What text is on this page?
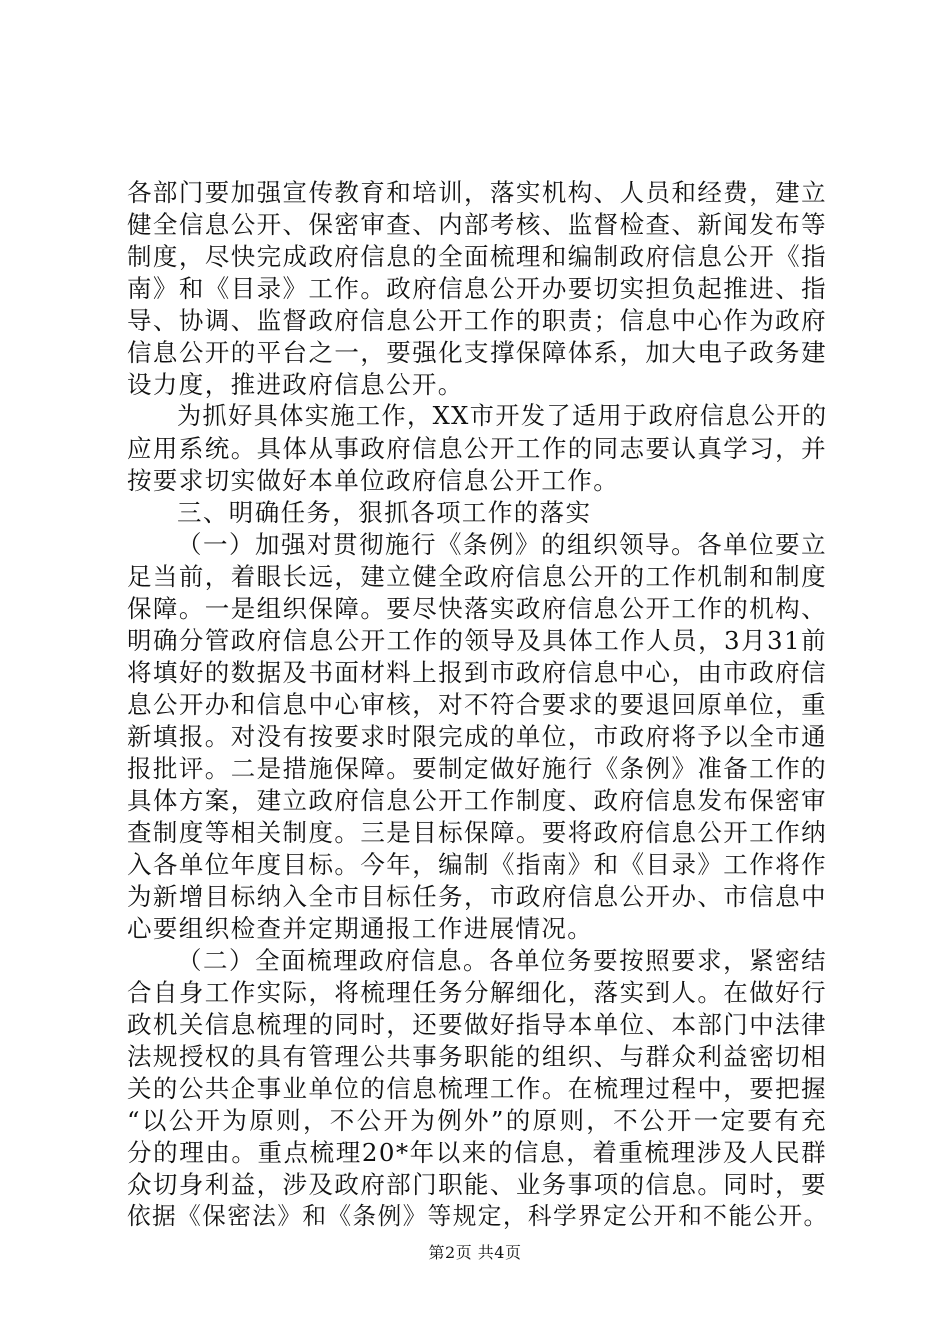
各部门要加强宣传教育和培训，落实机构、人员和经费，建立
健全信息公开、保密审查、内部考核、监督检查、新闻发布等
制度，尽快完成政府信息的全面梳理和编制政府信息公开《指
南》和《目录》工作。政府信息公开办要切实担负起推进、指
导、协调、监督政府信息公开工作的职责；信息中心作为政府
信息公开的平台之一，要强化支撑保障体系，加大电子政务建
设力度，推进政府信息公开。
为抓好具体实施工作，XX市开发了适用于政府信息公开的
应用系统。具体从事政府信息公开工作的同志要认真学习，并
按要求切实做好本单位政府信息公开工作。
三、明确任务，狠抓各项工作的落实
（一）加强对贯彻施行《条例》的组织领导。各单位要立
足当前，着眼长远，建立健全政府信息公开的工作机制和制度
保障。一是组织保障。要尽快落实政府信息公开工作的机构、
明确分管政府信息公开工作的领导及具体工作人员，3月31前
将填好的数据及书面材料上报到市政府信息中心，由市政府信
息公开办和信息中心审核，对不符合要求的要退回原单位，重
新填报。对没有按要求时限完成的单位，市政府将予以全市通
报批评。二是措施保障。要制定做好施行《条例》准备工作的
具体方案，建立政府信息公开工作制度、政府信息发布保密审
查制度等相关制度。三是目标保障。要将政府信息公开工作纳
入各单位年度目标。今年，编制《指南》和《目录》工作将作
为新增目标纳入全市目标任务，市政府信息公开办、市信息中
心要组织检查并定期通报工作进展情况。
（二）全面梳理政府信息。各单位务要按照要求，紧密结
合自身工作实际，将梳理任务分解细化，落实到人。在做好行
政机关信息梳理的同时，还要做好指导本单位、本部门中法律
法规授权的具有管理公共事务职能的组织、与群众利益密切相
关的公共企事业单位的信息梳理工作。在梳理过程中，要把握
“以公开为原则，不公开为例外”的原则，不公开一定要有充
分的理由。重点梳理20*年以来的信息，着重梳理涉及人民群
众切身利益，涉及政府部门职能、业务事项的信息。同时，要
依据《保密法》和《条例》等规定，科学界定公开和不能公开。
第2页 共4页
